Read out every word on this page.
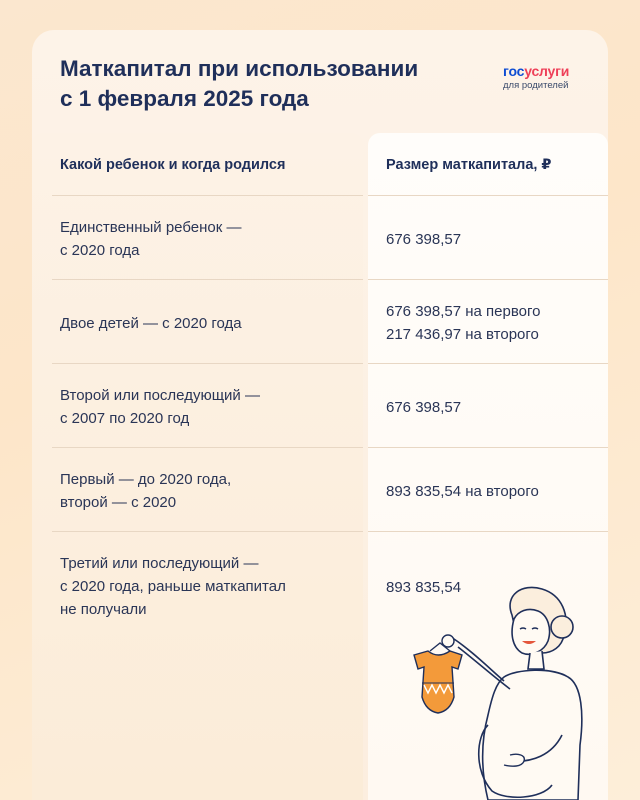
Маткапитал при использовании
с 1 февраля 2025 года
госуслуги
для родителей
Какой ребенок и когда родился	Размер маткапитала, ₽
Единственный ребенок —
с 2020 года
676 398,57
Двое детей — с 2020 года
676 398,57 на первого
217 436,97 на второго
Второй или последующий —
с 2007 по 2020 год
676 398,57
Первый — до 2020 года,
второй — с 2020
893 835,54 на второго
Третий или последующий —
с 2020 года, раньше маткапитал
не получали
893 835,54
